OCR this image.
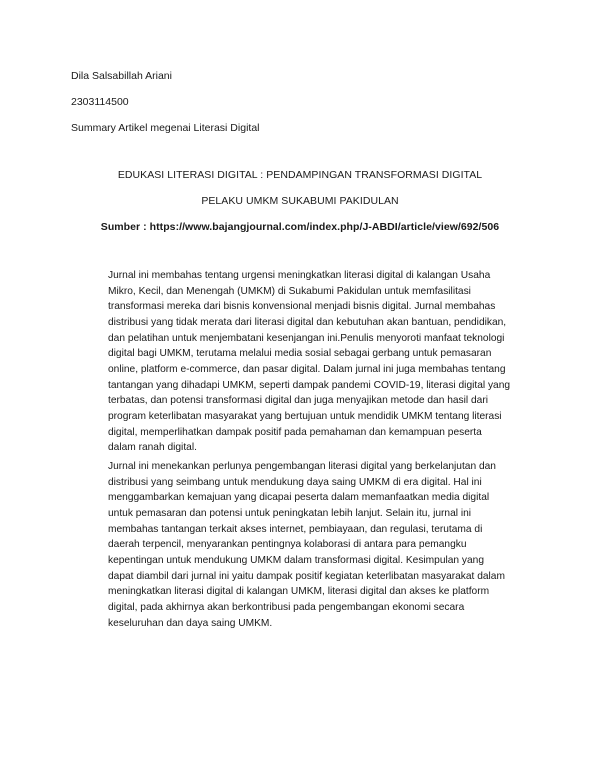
Dila Salsabillah Ariani
2303114500
Summary Artikel megenai Literasi Digital
EDUKASI LITERASI DIGITAL : PENDAMPINGAN TRANSFORMASI DIGITAL
PELAKU UMKM SUKABUMI PAKIDULAN
Sumber : https://www.bajangjournal.com/index.php/J-ABDI/article/view/692/506

Jurnal ini membahas tentang urgensi meningkatkan literasi digital di kalangan Usaha
Mikro, Kecil, dan Menengah (UMKM) di Sukabumi Pakidulan untuk memfasilitasi
transformasi mereka dari bisnis konvensional menjadi bisnis digital. Jurnal membahas
distribusi yang tidak merata dari literasi digital dan kebutuhan akan bantuan, pendidikan,
dan pelatihan untuk menjembatani kesenjangan ini.Penulis menyoroti manfaat teknologi
digital bagi UMKM, terutama melalui media sosial sebagai gerbang untuk pemasaran
online, platform e-commerce, dan pasar digital. Dalam jurnal ini juga membahas tentang
tantangan yang dihadapi UMKM, seperti dampak pandemi COVID-19, literasi digital yang
terbatas, dan potensi transformasi digital dan juga menyajikan metode dan hasil dari
program keterlibatan masyarakat yang bertujuan untuk mendidik UMKM tentang literasi
digital, memperlihatkan dampak positif pada pemahaman dan kemampuan peserta
dalam ranah digital.

Jurnal ini menekankan perlunya pengembangan literasi digital yang berkelanjutan dan
distribusi yang seimbang untuk mendukung daya saing UMKM di era digital. Hal ini
menggambarkan kemajuan yang dicapai peserta dalam memanfaatkan media digital
untuk pemasaran dan potensi untuk peningkatan lebih lanjut. Selain itu, jurnal ini
membahas tantangan terkait akses internet, pembiayaan, dan regulasi, terutama di
daerah terpencil, menyarankan pentingnya kolaborasi di antara para pemangku
kepentingan untuk mendukung UMKM dalam transformasi digital. Kesimpulan yang
dapat diambil dari jurnal ini yaitu dampak positif kegiatan keterlibatan masyarakat dalam
meningkatkan literasi digital di kalangan UMKM, literasi digital dan akses ke platform
digital, pada akhirnya akan berkontribusi pada pengembangan ekonomi secara
keseluruhan dan daya saing UMKM.
